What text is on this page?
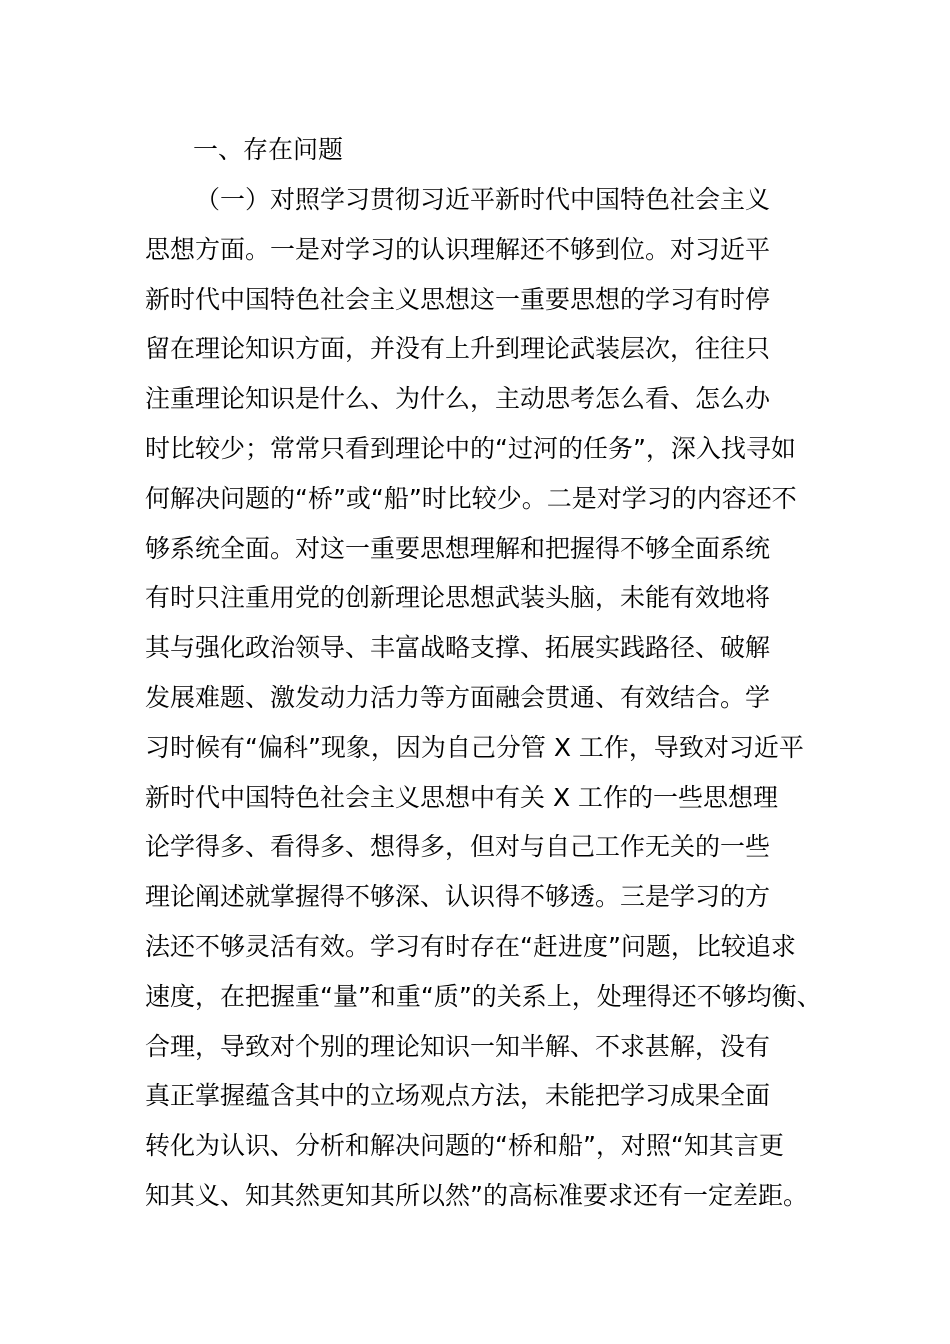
一、存在问题
（一）对照学习贯彻习近平新时代中国特色社会主义
思想方面。一是对学习的认识理解还不够到位。对习近平
新时代中国特色社会主义思想这一重要思想的学习有时停
留在理论知识方面，并没有上升到理论武装层次，往往只
注重理论知识是什么、为什么，主动思考怎么看、怎么办
时比较少；常常只看到理论中的“过河的任务”，深入找寻如
何解决问题的“桥”或“船”时比较少。二是对学习的内容还不
够系统全面。对这一重要思想理解和把握得不够全面系统
有时只注重用党的创新理论思想武装头脑，未能有效地将
其与强化政治领导、丰富战略支撑、拓展实践路径、破解
发展难题、激发动力活力等方面融会贯通、有效结合。学
习时候有“偏科”现象，因为自己分管 X 工作，导致对习近平
新时代中国特色社会主义思想中有关 X 工作的一些思想理
论学得多、看得多、想得多，但对与自己工作无关的一些
理论阐述就掌握得不够深、认识得不够透。三是学习的方
法还不够灵活有效。学习有时存在“赶进度”问题，比较追求
速度，在把握重“量”和重“质”的关系上，处理得还不够均衡、
合理，导致对个别的理论知识一知半解、不求甚解，没有
真正掌握蕴含其中的立场观点方法，未能把学习成果全面
转化为认识、分析和解决问题的“桥和船”，对照“知其言更
知其义、知其然更知其所以然”的高标准要求还有一定差距。
